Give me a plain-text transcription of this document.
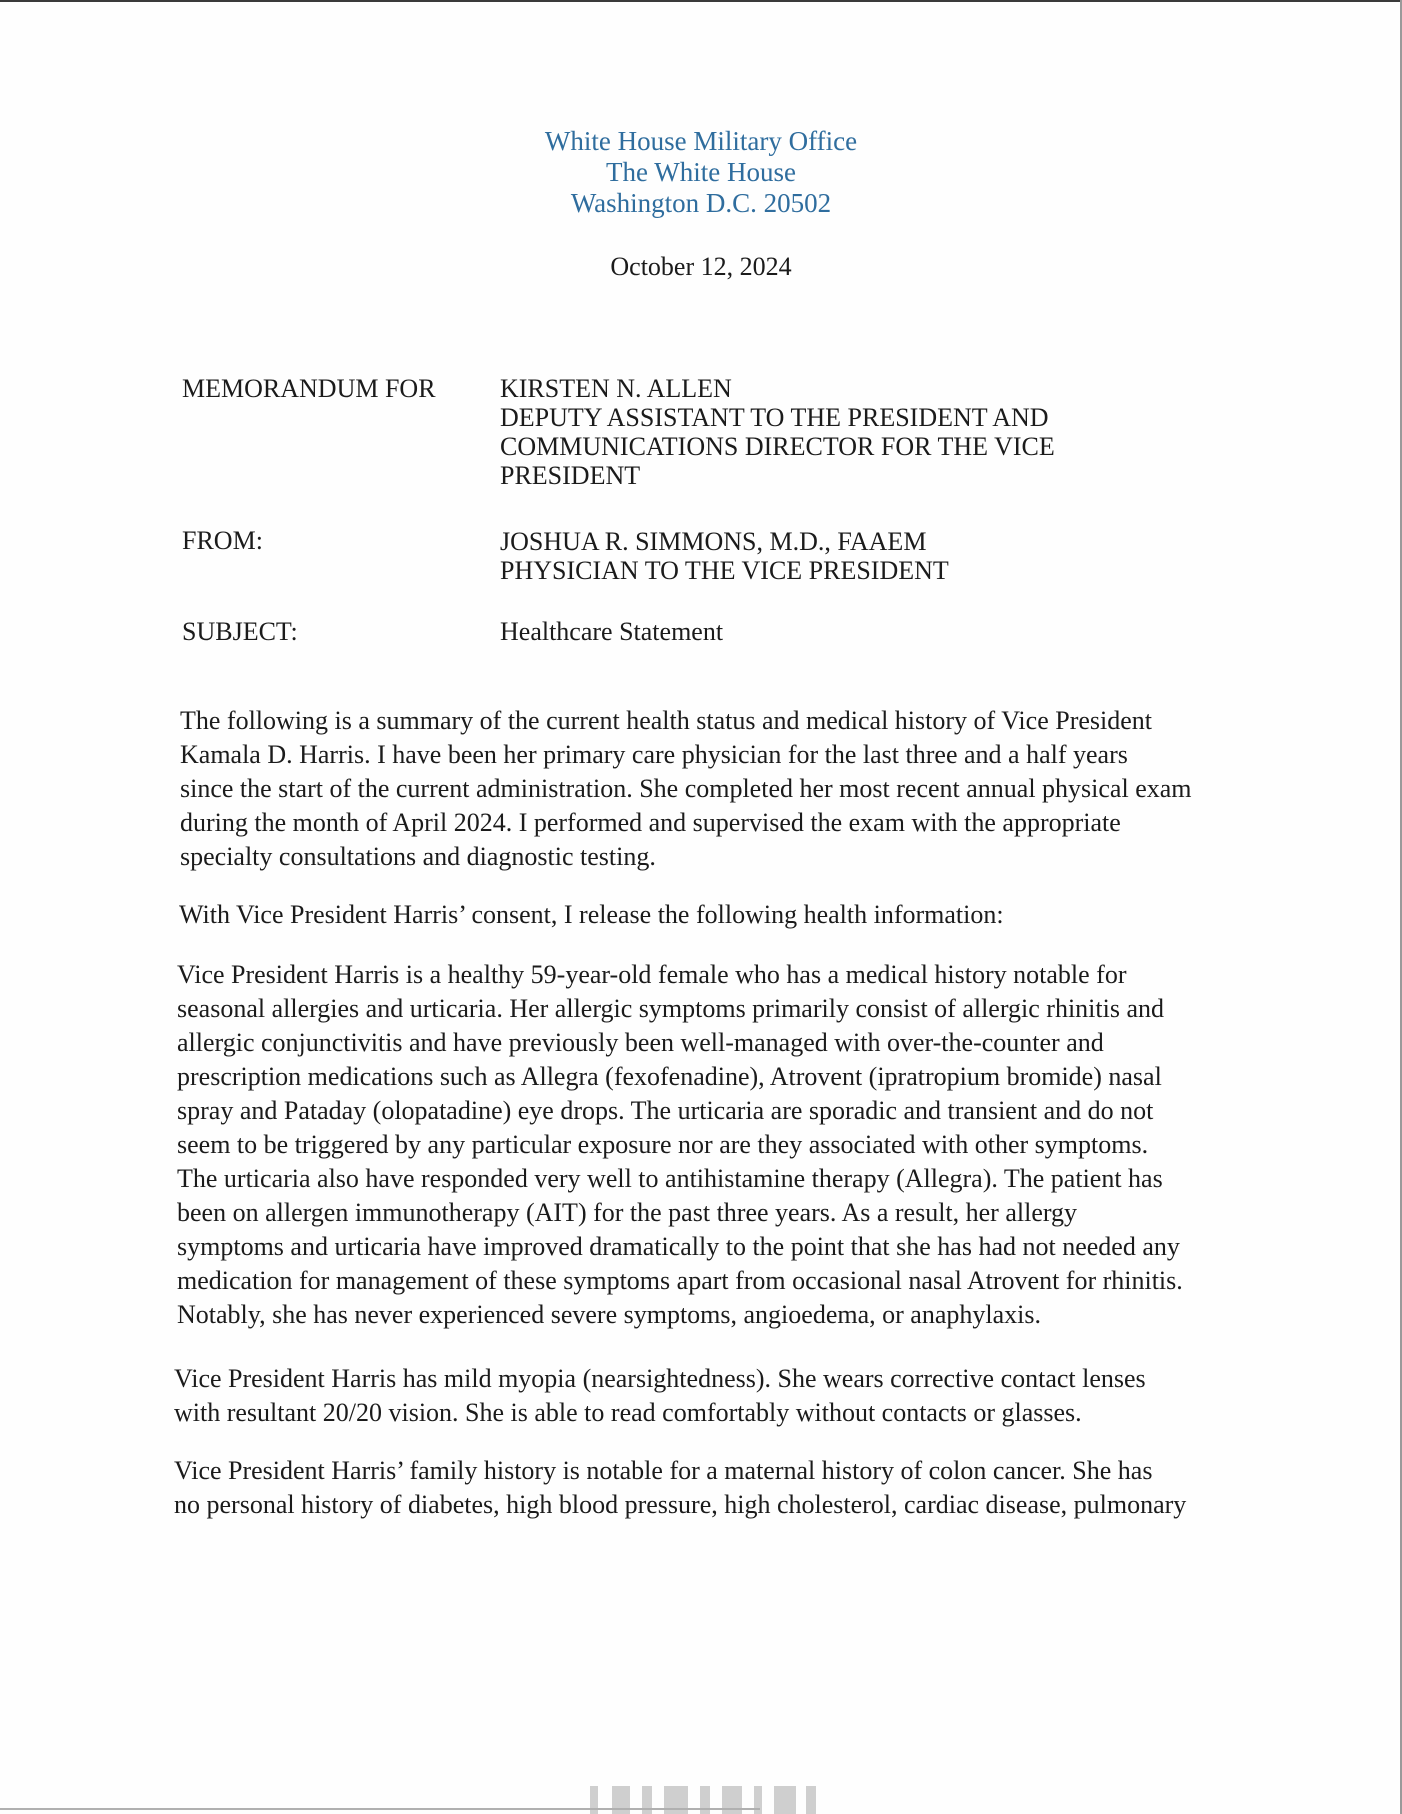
White House Military Office
The White House
Washington D.C. 20502
October 12, 2024
MEMORANDUM FOR KIRSTEN N. ALLEN
DEPUTY ASSISTANT TO THE PRESIDENT AND
COMMUNICATIONS DIRECTOR FOR THE VICE
PRESIDENT
FROM:	JOSHUA R. SIMMONS, M.D., FAAEM
PHYSICIAN TO THE VICE PRESIDENT
SUBJECT:	Healthcare Statement
The following is a summary of the current health status and medical history of Vice President
Kamala D. Harris. I have been her primary care physician for the last three and a half years
since the start of the current administration. She completed her most recent annual physical exam
during the month of April 2024. I performed and supervised the exam with the appropriate
specialty consultations and diagnostic testing.
With Vice President Harris’ consent, I release the following health information:
Vice President Harris is a healthy 59-year-old female who has a medical history notable for
seasonal allergies and urticaria. Her allergic symptoms primarily consist of allergic rhinitis and
allergic conjunctivitis and have previously been well-managed with over-the-counter and
prescription medications such as Allegra (fexofenadine), Atrovent (ipratropium bromide) nasal
spray and Pataday (olopatadine) eye drops. The urticaria are sporadic and transient and do not
seem to be triggered by any particular exposure nor are they associated with other symptoms.
The urticaria also have responded very well to antihistamine therapy (Allegra). The patient has
been on allergen immunotherapy (AIT) for the past three years. As a result, her allergy
symptoms and urticaria have improved dramatically to the point that she has had not needed any
medication for management of these symptoms apart from occasional nasal Atrovent for rhinitis.
Notably, she has never experienced severe symptoms, angioedema, or anaphylaxis.
Vice President Harris has mild myopia (nearsightedness). She wears corrective contact lenses
with resultant 20/20 vision. She is able to read comfortably without contacts or glasses.
Vice President Harris’ family history is notable for a maternal history of colon cancer. She has
no personal history of diabetes, high blood pressure, high cholesterol, cardiac disease, pulmonary
